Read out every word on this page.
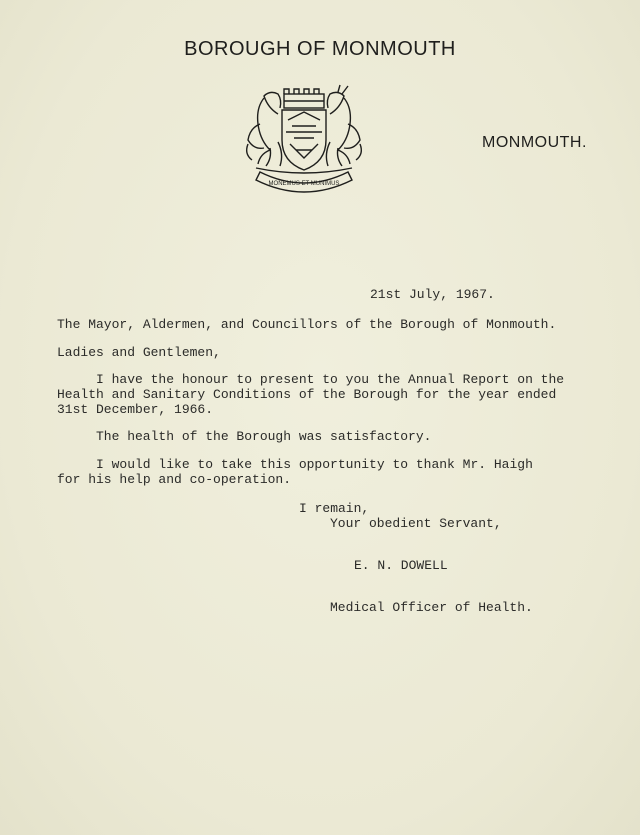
BOROUGH OF MONMOUTH
MONEMUS ET MUNIMUS
MONMOUTH.
21st July, 1967.
The Mayor, Aldermen, and Councillors of the Borough of Monmouth.
Ladies and Gentlemen,
I have the honour to present to you the Annual Report on the
Health and Sanitary Conditions of the Borough for the year ended
31st December, 1966.
The health of the Borough was satisfactory.
I would like to take this opportunity to thank Mr. Haigh
for his help and co-operation.
I remain,
Your obedient Servant,
E. N. DOWELL
Medical Officer of Health.
